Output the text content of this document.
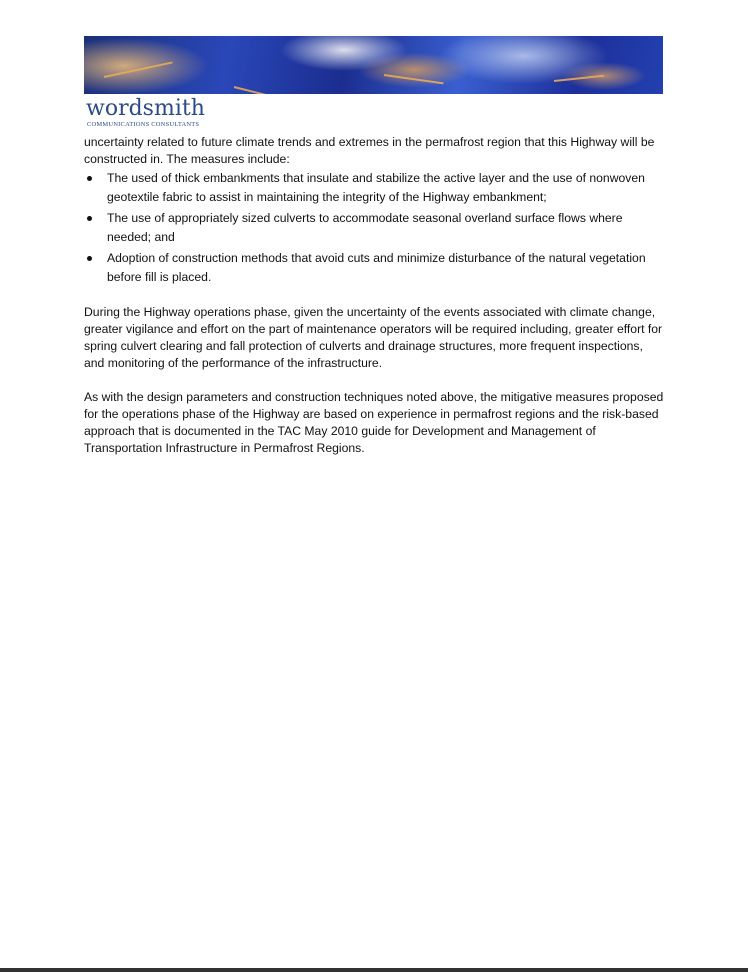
wordsmith
COMMUNICATIONS CONSULTANTS

uncertainty related to future climate trends and extremes in the permafrost region that this Highway will be constructed in. The measures include:

The used of thick embankments that insulate and stabilize the active layer and the use of nonwoven geotextile fabric to assist in maintaining the integrity of the Highway embankment;
The use of appropriately sized culverts to accommodate seasonal overland surface flows where needed; and
Adoption of construction methods that avoid cuts and minimize disturbance of the natural vegetation before fill is placed.

During the Highway operations phase, given the uncertainty of the events associated with climate change, greater vigilance and effort on the part of maintenance operators will be required including, greater effort for spring culvert clearing and fall protection of culverts and drainage structures, more frequent inspections, and monitoring of the performance of the infrastructure.

As with the design parameters and construction techniques noted above, the mitigative measures proposed for the operations phase of the Highway are based on experience in permafrost regions and the risk-based approach that is documented in the TAC May 2010 guide for Development and Management of Transportation Infrastructure in Permafrost Regions.
